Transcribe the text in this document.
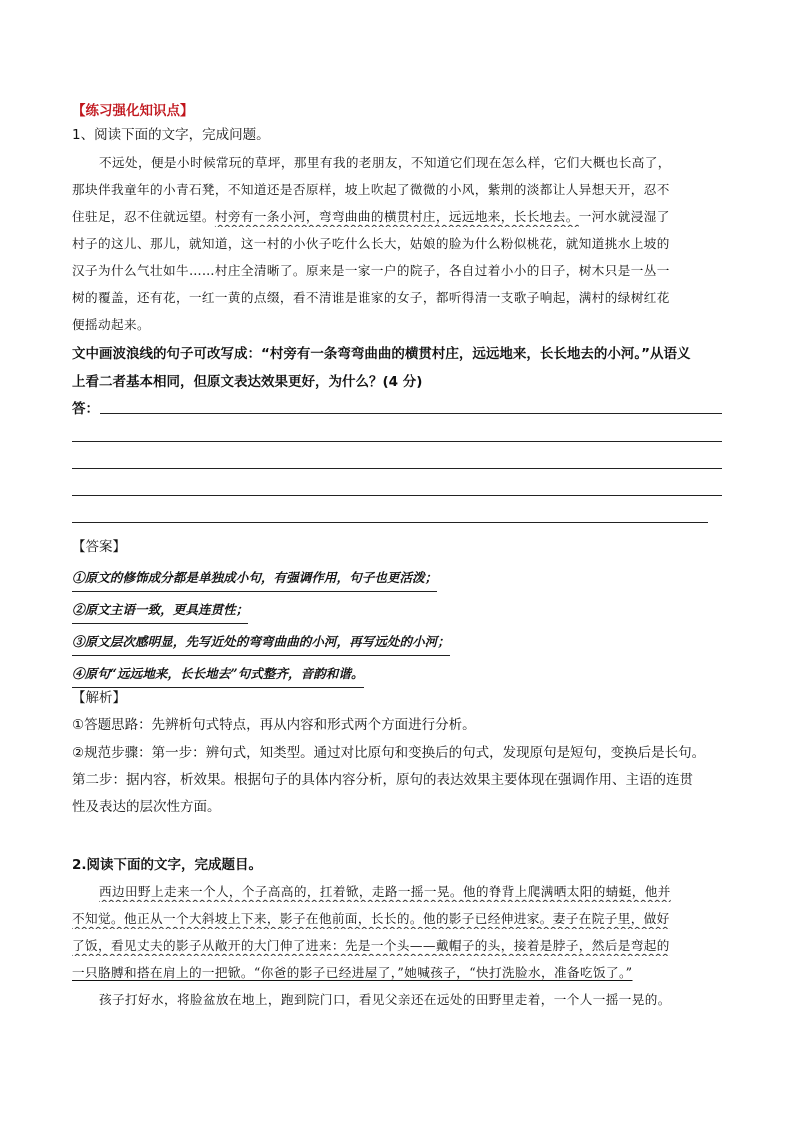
【练习强化知识点】
1、阅读下面的文字，完成问题。
不远处，便是小时候常玩的草坪，那里有我的老朋友，不知道它们现在怎么样，它们大概也长高了，
那块伴我童年的小青石凳，不知道还是否原样，坡上吹起了微微的小风，紫荆的淡都让人异想天开，忍不
住驻足，忍不住就远望。村旁有一条小河，弯弯曲曲的横贯村庄，远远地来，长长地去。一河水就浸湿了
村子的这儿、那儿，就知道，这一村的小伙子吃什么长大，姑娘的脸为什么粉似桃花，就知道挑水上坡的
汉子为什么气壮如牛……村庄全清晰了。原来是一家一户的院子，各自过着小小的日子，树木只是一丛一
树的覆盖，还有花，一红一黄的点缀，看不清谁是谁家的女子，都听得清一支歌子响起，满村的绿树红花
便摇动起来。
文中画波浪线的句子可改写成：“村旁有一条弯弯曲曲的横贯村庄，远远地来，长长地去的小河。”从语义
上看二者基本相同，但原文表达效果更好，为什么？(4 分)
答：
【答案】
①原文的修饰成分都是单独成小句，有强调作用，句子也更活泼；
②原文主语一致，更具连贯性；
③原文层次感明显，先写近处的弯弯曲曲的小河，再写远处的小河；
④原句“远远地来，长长地去”句式整齐，音韵和谐。
【解析】
①答题思路：先辨析句式特点，再从内容和形式两个方面进行分析。
②规范步骤：第一步：辨句式，知类型。通过对比原句和变换后的句式，发现原句是短句，变换后是长句。
第二步：据内容，析效果。根据句子的具体内容分析，原句的表达效果主要体现在强调作用、主语的连贯
性及表达的层次性方面。
2.阅读下面的文字，完成题目。
西边田野上走来一个人，个子高高的，扛着锨，走路一摇一晃。他的脊背上爬满晒太阳的蜻蜓，他并
不知觉。他正从一个大斜坡上下来，影子在他前面，长长的。他的影子已经伸进家。妻子在院子里，做好
了饭，看见丈夫的影子从敞开的大门伸了进来：先是一个头——戴帽子的头，接着是脖子，然后是弯起的
一只胳膊和搭在肩上的一把锨。“你爸的影子已经进屋了，”她喊孩子，“快打洗脸水，准备吃饭了。”
孩子打好水，将脸盆放在地上，跑到院门口，看见父亲还在远处的田野里走着，一个人一摇一晃的。
